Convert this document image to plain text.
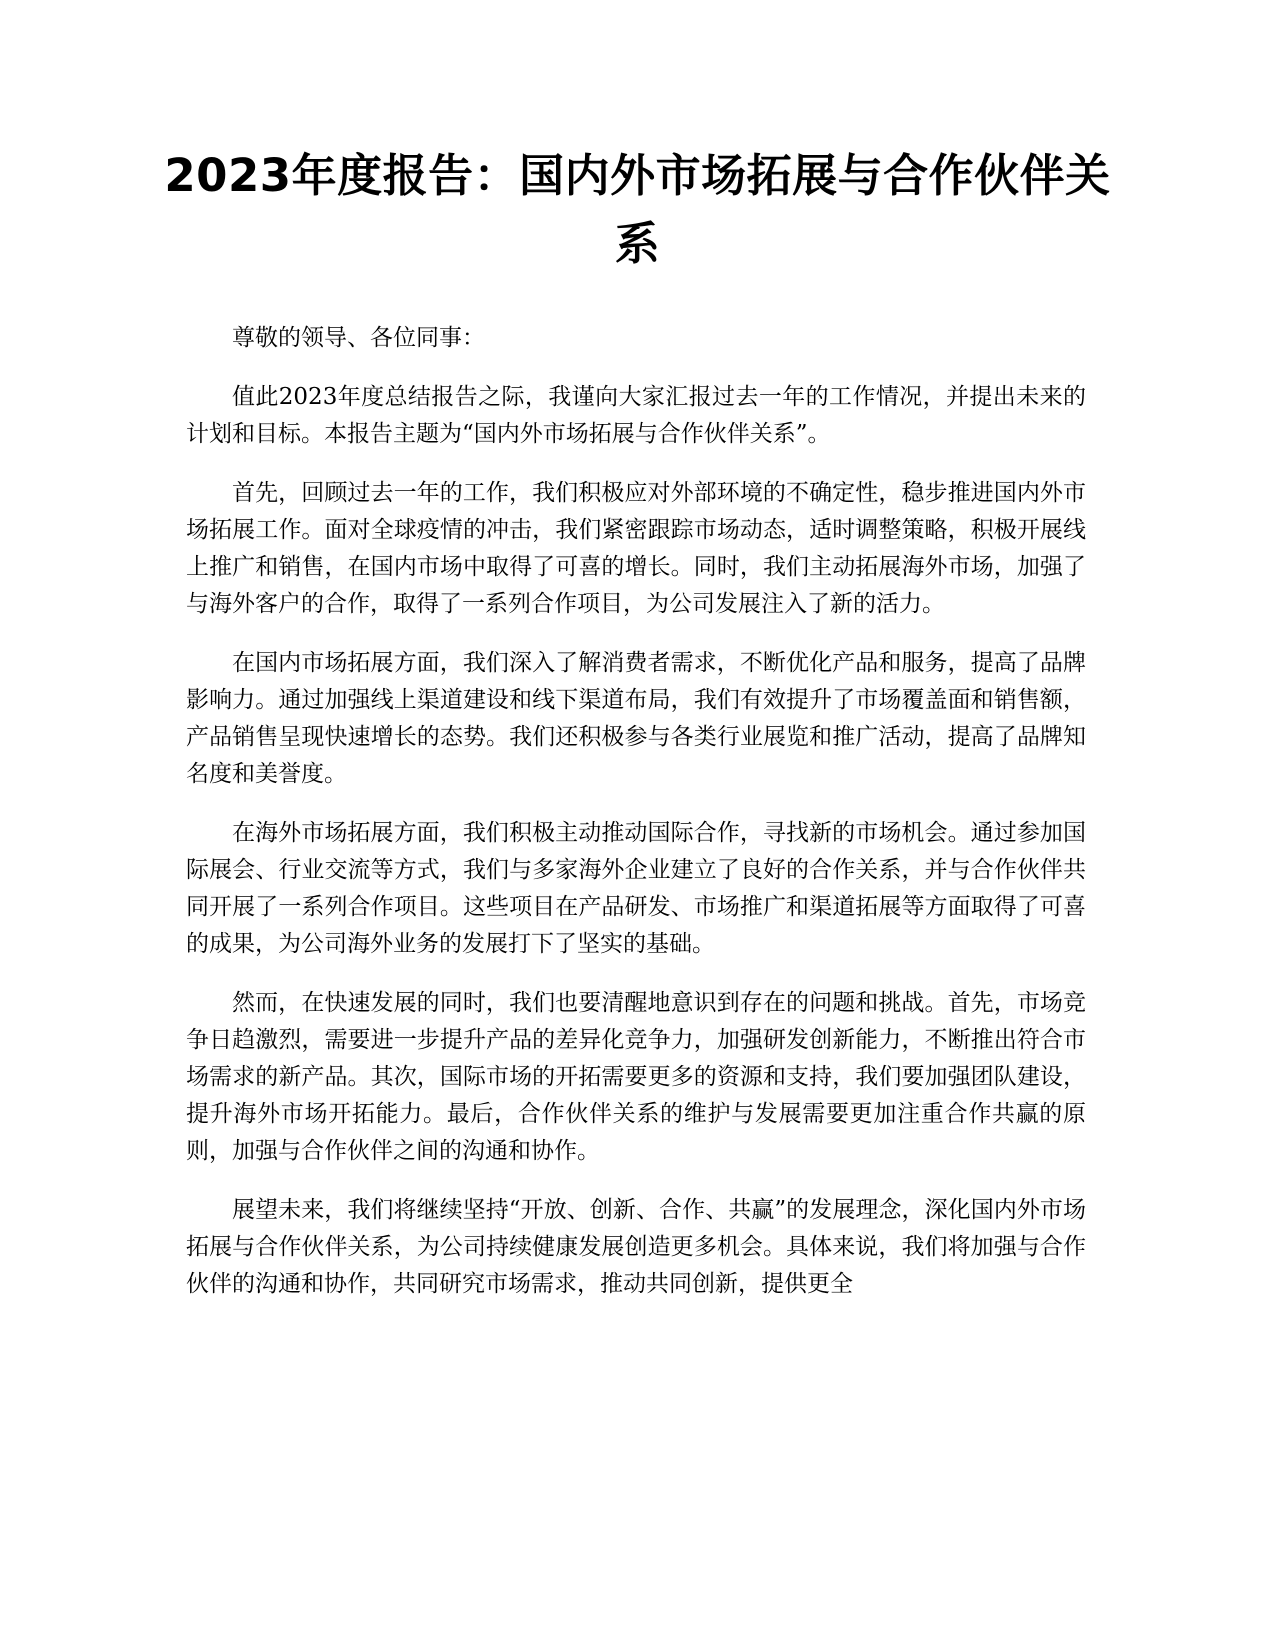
2023年度报告：国内外市场拓展与合作伙伴关系

尊敬的领导、各位同事：

值此2023年度总结报告之际，我谨向大家汇报过去一年的工作情况，并提出未来的计划和目标。本报告主题为“国内外市场拓展与合作伙伴关系”。

首先，回顾过去一年的工作，我们积极应对外部环境的不确定性，稳步推进国内外市场拓展工作。面对全球疫情的冲击，我们紧密跟踪市场动态，适时调整策略，积极开展线上推广和销售，在国内市场中取得了可喜的增长。同时，我们主动拓展海外市场，加强了与海外客户的合作，取得了一系列合作项目，为公司发展注入了新的活力。

在国内市场拓展方面，我们深入了解消费者需求，不断优化产品和服务，提高了品牌影响力。通过加强线上渠道建设和线下渠道布局，我们有效提升了市场覆盖面和销售额，产品销售呈现快速增长的态势。我们还积极参与各类行业展览和推广活动，提高了品牌知名度和美誉度。

在海外市场拓展方面，我们积极主动推动国际合作，寻找新的市场机会。通过参加国际展会、行业交流等方式，我们与多家海外企业建立了良好的合作关系，并与合作伙伴共同开展了一系列合作项目。这些项目在产品研发、市场推广和渠道拓展等方面取得了可喜的成果，为公司海外业务的发展打下了坚实的基础。

然而，在快速发展的同时，我们也要清醒地意识到存在的问题和挑战。首先，市场竞争日趋激烈，需要进一步提升产品的差异化竞争力，加强研发创新能力，不断推出符合市场需求的新产品。其次，国际市场的开拓需要更多的资源和支持，我们要加强团队建设，提升海外市场开拓能力。最后，合作伙伴关系的维护与发展需要更加注重合作共赢的原则，加强与合作伙伴之间的沟通和协作。

展望未来，我们将继续坚持“开放、创新、合作、共赢”的发展理念，深化国内外市场拓展与合作伙伴关系，为公司持续健康发展创造更多机会。具体来说，我们将加强与合作伙伴的沟通和协作，共同研究市场需求，推动共同创新，提供更全
